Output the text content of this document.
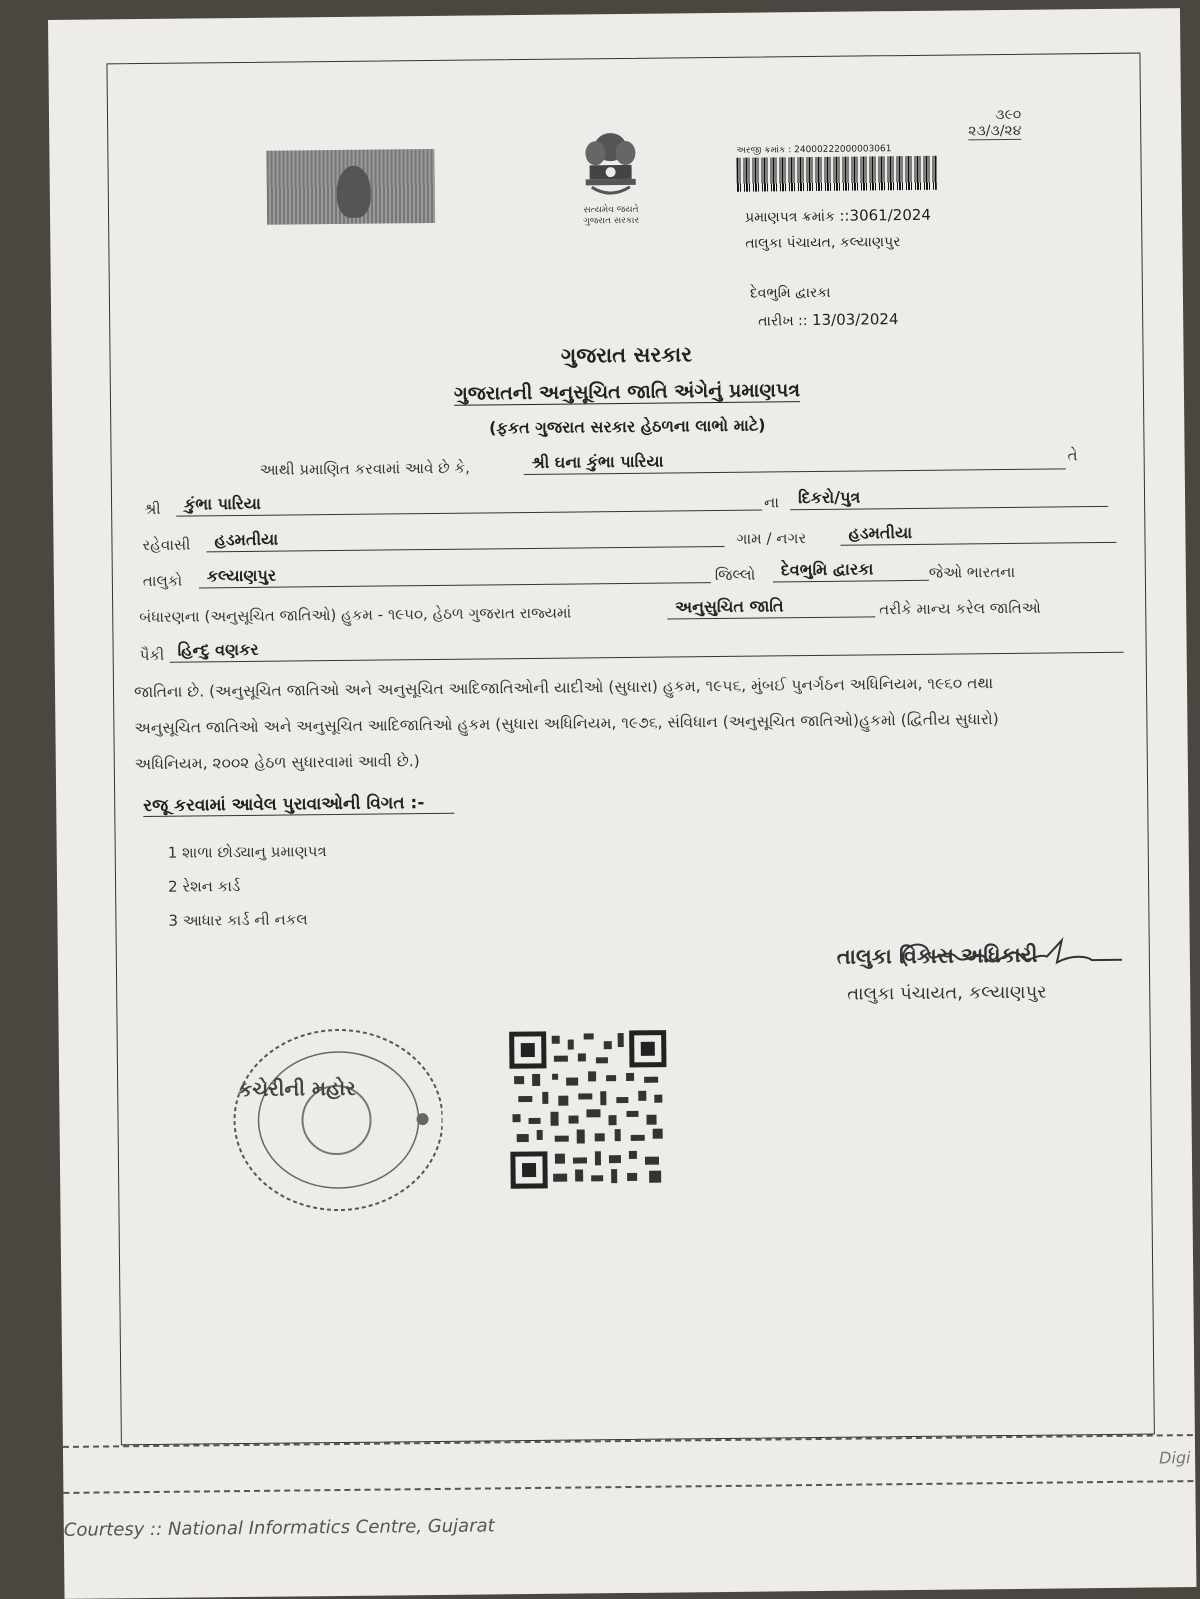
સત્યમેવ જયતે
ગુજરાત સરકાર
અરજી ક્રમાંક : 24000222000003061
૩૯૦
૨૩/૩/૨૪
પ્રમાણપત્ર ક્રમાંક ::3061/2024
તાલુકા પંચાયત, કલ્યાણપુર
દેવભુમિ દ્વારકા
તારીખ :: 13/03/2024
ગુજરાત સરકાર
ગુજરાતની અનુસૂચિત જાતિ અંગેનું પ્રમાણપત્ર
(ફકત ગુજરાત સરકાર હેઠળના લાભો માટે)
આથી પ્રમાણિત કરવામાં આવે છે કે,	શ્રી ઘના કુંભા પારિયા	તે
શ્રી	કુંભા પારિયા	ના	દિકરો/પુત્ર
રહેવાસી	હડમતીયા	ગામ / નગર	હડમતીયા
તાલુકો	કલ્યાણપુર	જિલ્લો	દેવભુમિ દ્વારકા	જેઓ ભારતના
બંધારણના (અનુસૂચિત જાતિઓ) હુકમ - ૧૯૫૦, હેઠળ ગુજરાત રાજ્યમાં	અનુસુચિત જાતિ	તરીકે માન્ય કરેલ જાતિઓ
પૈકી હિન્દુ વણકર
જાતિના છે. (અનુસૂચિત જાતિઓ અને અનુસૂચિત આદિજાતિઓની યાદીઓ (સુધારા) હુકમ, ૧૯૫૬, મુંબઈ પુનર્ગઠન અધિનિયમ, ૧૯૬૦ તથા
અનુસૂચિત જાતિઓ અને અનુસૂચિત આદિજાતિઓ હુકમ (સુધારા અધિનિયમ, ૧૯૭૬, સંવિધાન (અનુસૂચિત જાતિઓ)હુકમો (દ્વિતીય સુધારો)
અધિનિયમ, ૨૦૦૨ હેઠળ સુધારવામાં આવી છે.)
રજૂ કરવામાં આવેલ પુરાવાઓની વિગત :-
1 શાળા છોડ્યાનુ પ્રમાણપત્ર
2 રેશન કાર્ડ
3 આધાર કાર્ડ ની નકલ
તાલુકા વિકાસ અધિકારી
તાલુકા પંચાયત, કલ્યાણપુર
કચેરીની મહોર
Digi
Courtesy :: National Informatics Centre, Gujarat
